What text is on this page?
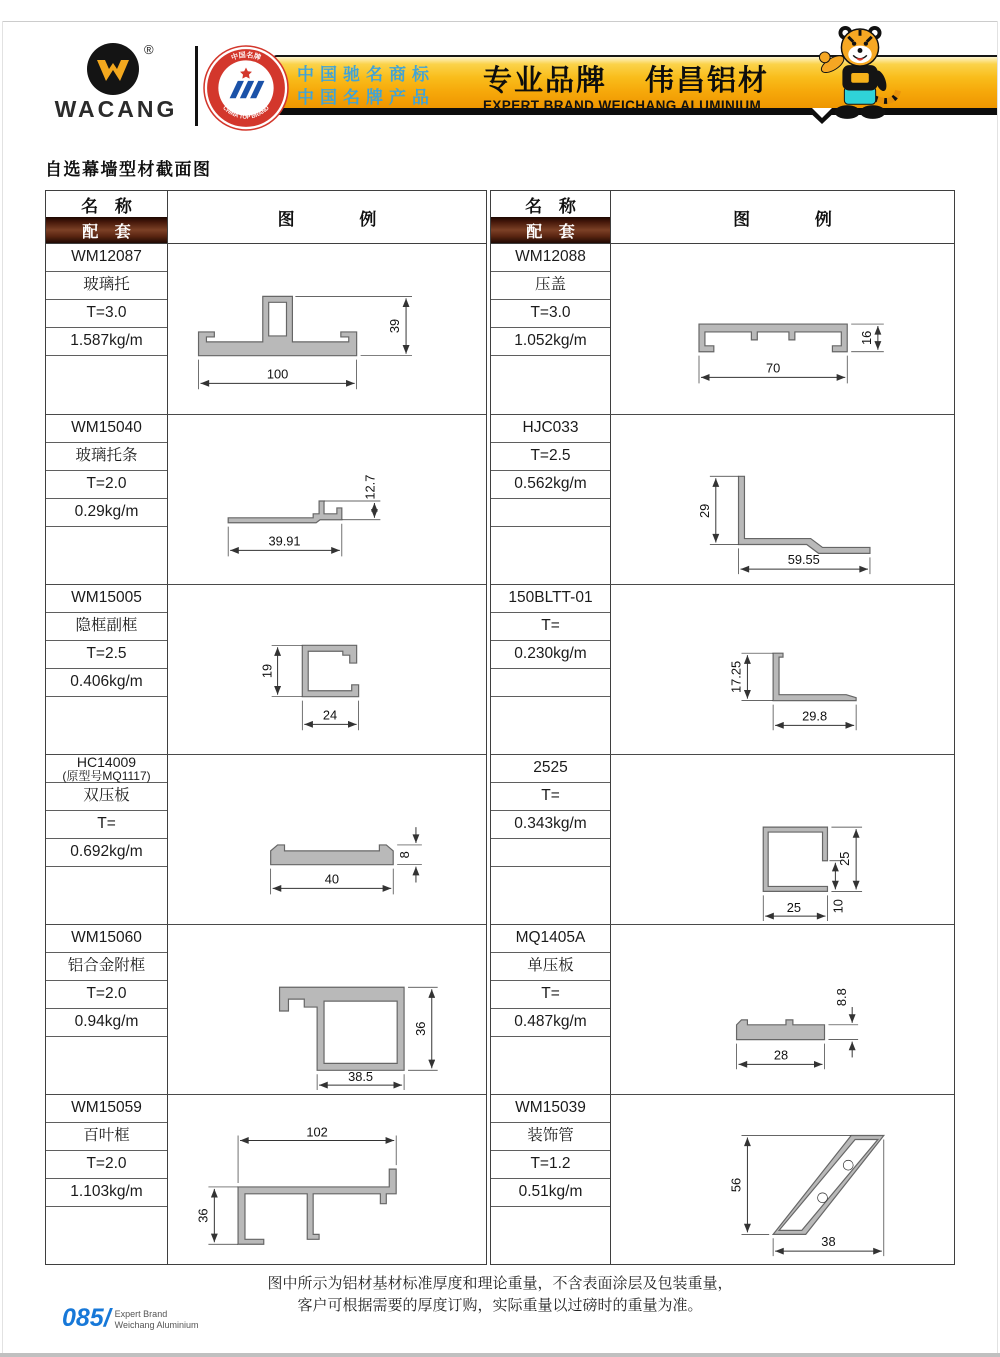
®
WACANG
中国驰名商标
中国名牌产品
专业品牌 伟昌铝材
EXPERT BRAND WEICHANG ALUMINIUM
中国名牌
CHINA TOP BRAND
自选幕墙型材截面图
名 称
配 套
图 例
WM12087
玻璃托
T=3.0
1.587kg/m
100
39
WM15040
玻璃托条
T=2.0
0.29kg/m
39.91
12.7
WM15005
隐框副框
T=2.5
0.406kg/m
19
24
HC14009
(原型号MQ1117)
双压板
T=
0.692kg/m
40
8
WM15060
铝合金附框
T=2.0
0.94kg/m	36
38.5
WM15059
百叶框
T=2.0
1.103kg/m
102
36
名 称
配 套
图 例
WM12088
压盖
T=3.0
1.052kg/m
70
16
HJC033
T=2.5
0.562kg/m
29
59.55
150BLTT-01
T=
0.230kg/m
17.25
29.8
2525
T=
0.343kg/m
25
25 10
MQ1405A
单压板
T=
0.487kg/m
28
8.8
WM15039
装饰管
T=1.2
0.51kg/m	56
38
图中所示为铝材基材标准厚度和理论重量，不含表面涂层及包装重量，
客户可根据需要的厚度订购，实际重量以过磅时的重量为准。
085/ Expert Brand
Weichang Aluminium
